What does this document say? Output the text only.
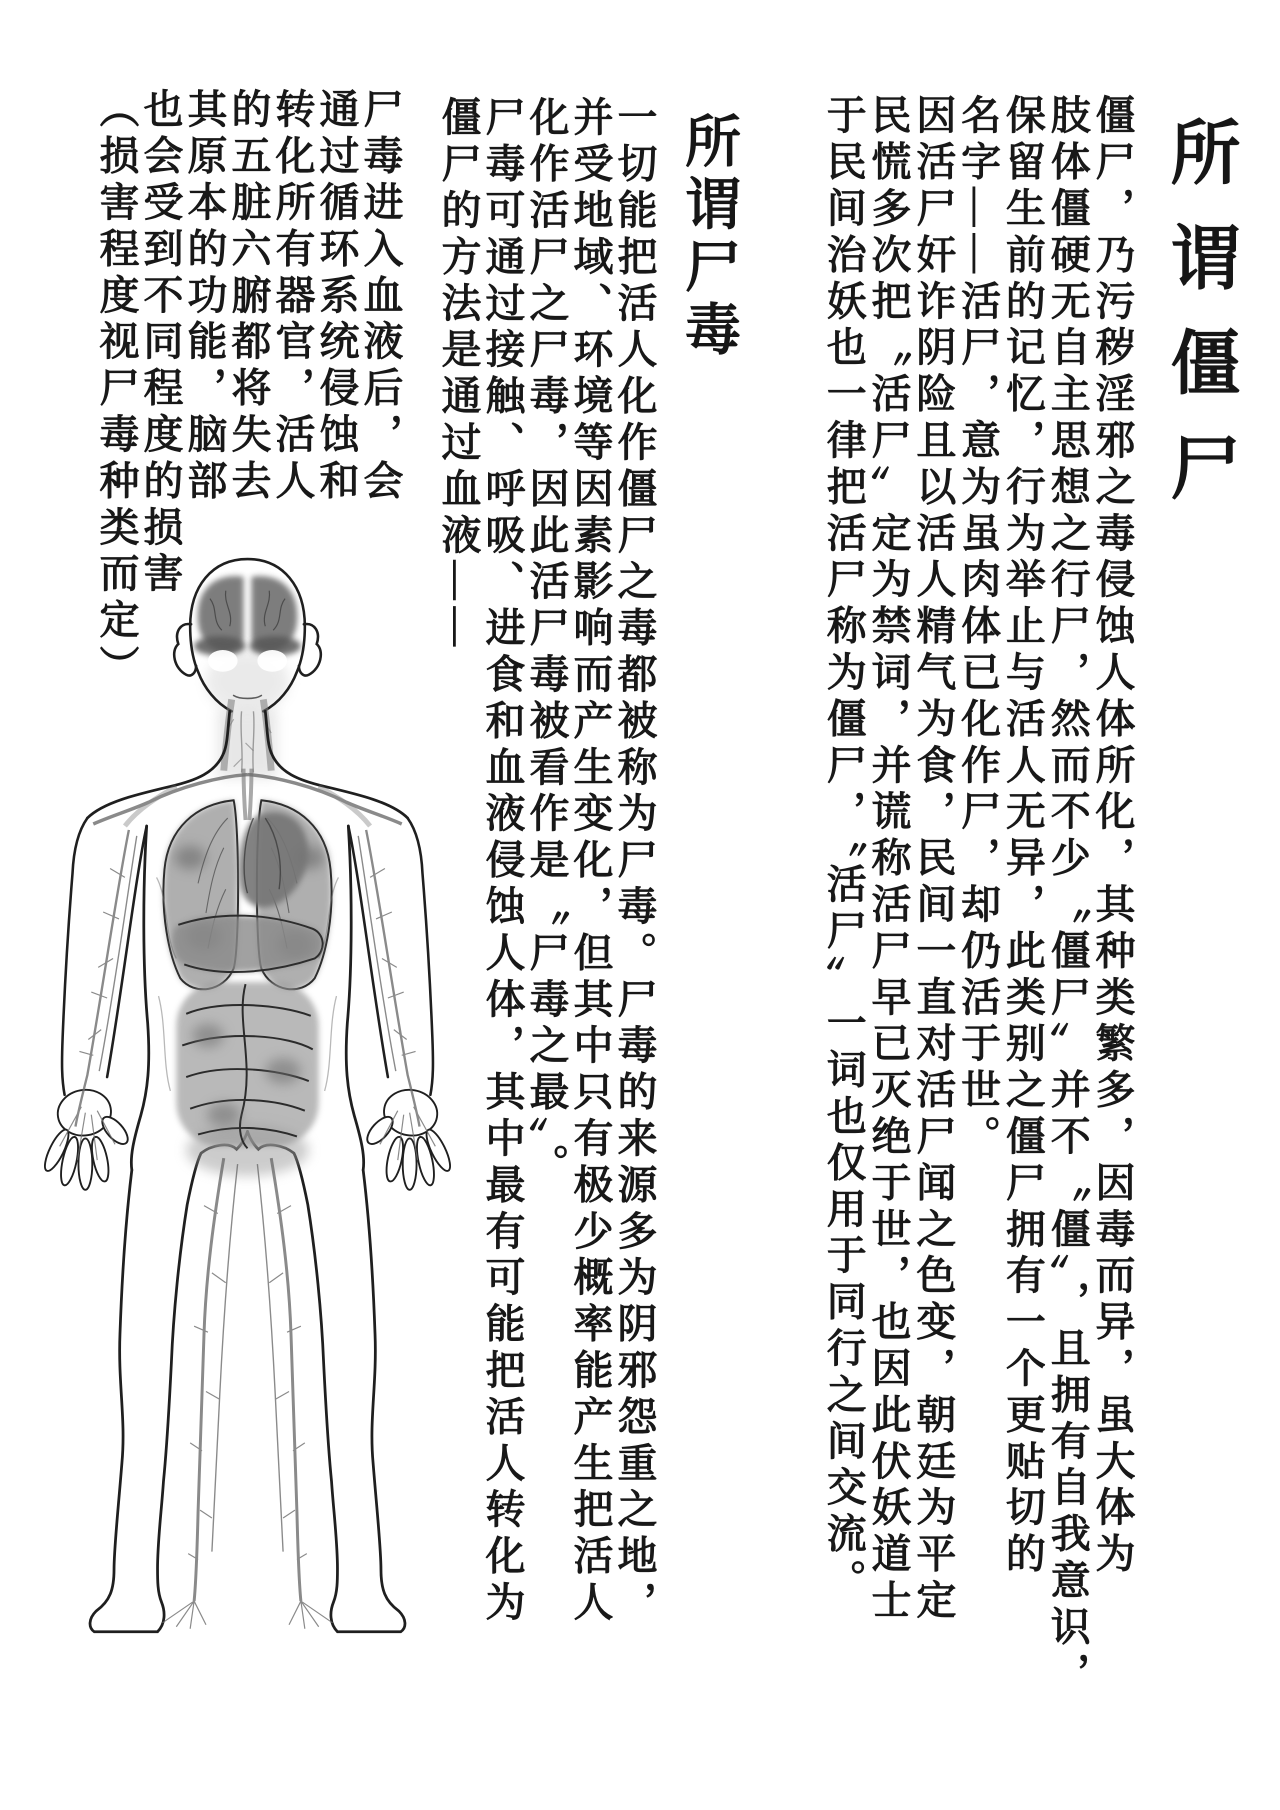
所谓僵尸
僵尸，乃污秽淫邪之毒侵蚀人体所化，其种类繁多，因毒而异，虽大体为
肢体僵硬无自主思想之行尸，然而不少〝僵尸〞并不〝僵〞，且拥有自我意识，
保留生前的记忆，行为举止与活人无异，此类别之僵尸拥有一个更贴切的
名字——活尸，意为虽肉体已化作尸，却仍活于世。
因活尸奸诈阴险且以活人精气为食，民间一直对活尸闻之色变，朝廷为平定
民慌多次把〝活尸〞定为禁词，并谎称活尸早已灭绝于世，也因此伏妖道士
于民间治妖也一律把活尸称为僵尸，〝活尸〞一词也仅用于同行之间交流。
所谓尸毒
一切能把活人化作僵尸之毒都被称为尸毒。尸毒的来源多为阴邪怨重之地，
并受地域、环境等因素影响而产生变化，但其中只有极少概率能产生把活人
化作活尸之尸毒，因此活尸毒被看作是〝尸毒之最〞。
尸毒可通过接触、呼吸、进食和血液侵蚀人体，其中最有可能把活人转化为
僵尸的方法是通过血液——
尸毒进入血液后，会
通过循环系统侵蚀和
转化所有器官，活人
的五脏六腑都将失去
其原本的功能，脑部
也会受到不同程度的损害
（损害程度视尸毒种类而定）
